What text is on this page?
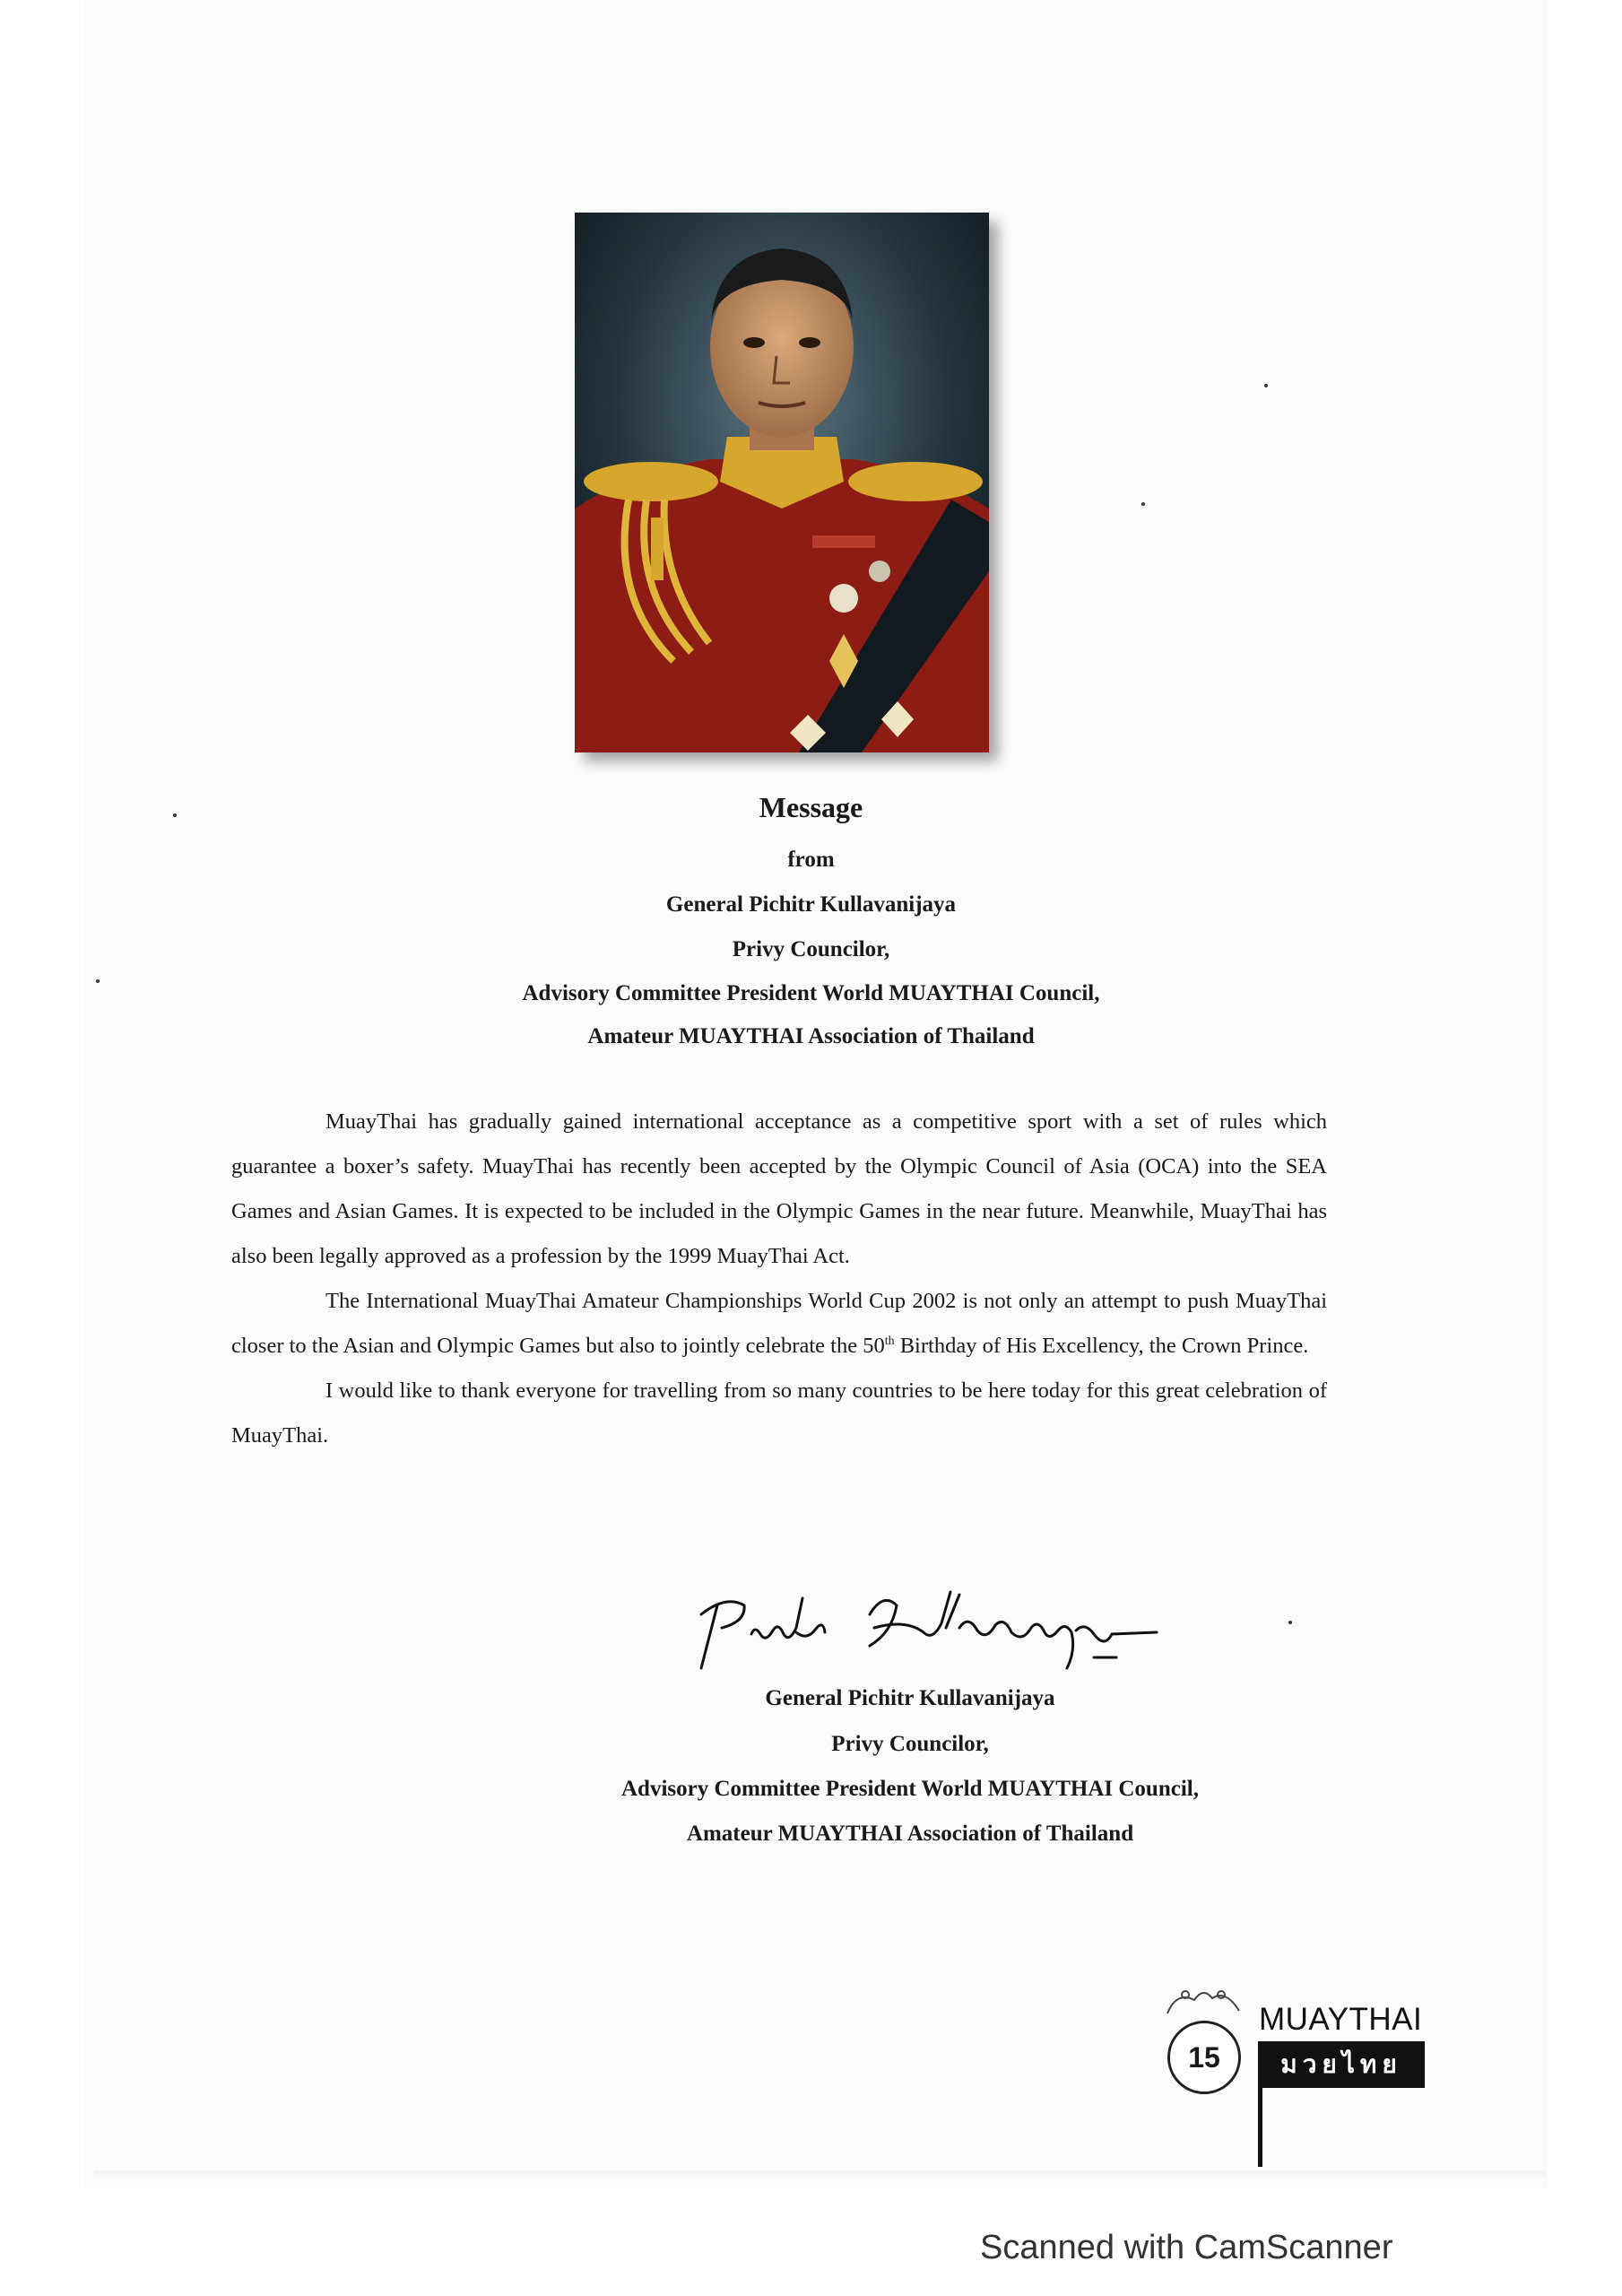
Message
from
General Pichitr Kullavanijaya
Privy Councilor,
Advisory Committee President World MUAYTHAI Council,
Amateur MUAYTHAI Association of Thailand

MuayThai has gradually gained international acceptance as a competitive sport with a set of rules which guarantee a boxer’s safety. MuayThai has recently been accepted by the Olympic Council of Asia (OCA) into the SEA Games and Asian Games. It is expected to be included in the Olympic Games in the near future. Meanwhile, MuayThai has also been legally approved as a profession by the 1999 MuayThai Act.

The International MuayThai Amateur Championships World Cup 2002 is not only an attempt to push MuayThai closer to the Asian and Olympic Games but also to jointly celebrate the 50th Birthday of His Excellency, the Crown Prince.

I would like to thank everyone for travelling from so many countries to be here today for this great celebration of MuayThai.

General Pichitr Kullavanijaya
Privy Councilor,
Advisory Committee President World MUAYTHAI Council,
Amateur MUAYTHAI Association of Thailand
15
MUAYTHAI
มวยไทย
Scanned with CamScanner
